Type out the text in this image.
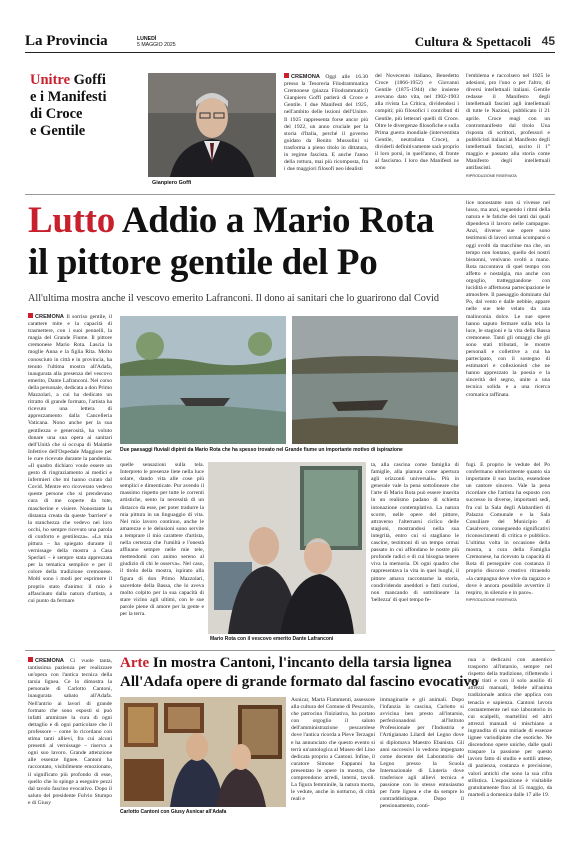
La Provincia	LUNEDÌ
5 MAGGIO 2025	Cultura & Spettacoli 45
Unitre Goffi
e i Manifesti
di Croce
e Gentile
Gianpiero Goffi
CREMONA Oggi alle 16.30 presso la Tesoreria Filodrammatica Cremonese (piazza Filodrammatici) Gianpiero Goffi parlerà di Croce e Gentile. I due Manifesti del 1925, nell'ambito delle lezioni dell'Unitre. Il 1925 rappresenta forse ancor più del 1922, un anno cruciale per la storia d'Italia, perché il governo guidato da Benito Mussolini si trasforma a pieno titolo in dittatura, in regime fascista. E anche l'anno della rottura, mai più ricomposta, fra i due maggiori filosofi neo idealisti
del Novecento italiano, Benedetto Croce (1866-1952) e Giovanni Gentile (1875-1944) che insieme avevano dato vita, nel 1902-1903 alla rivista La Critica, dividendosi i compiti; più filosofici i contributi di Gentile, più letterari quelli di Croce. Oltre le divergenze filosofiche e sulla Prima guerra mondiale (interventista Gentile, neutralista Croce), a dividerli definitivamente sarà proprio il loro porsi, in quell'anno, di fronte al fascismo. I loro due Manifesti ne sono
l'emblema e raccolsero nel 1925 le adesioni, pro l'uno o per l'altro, di diversi intellettuali italiani. Gentile redasse il Manifesto degli intellettuali fascisti agli intellettuali di tutte le Nazioni, pubblicato il 21 aprile. Croce reagì con un contromanifesto dal titolo Una risposta di scrittori, professori e pubblicisti italiani al Manifesto degli intellettuali fascisti, uscito il 1° maggio e passato alla storia come Manifesto degli intellettuali antifascisti.
RIPRODUZIONE RISERVATA
Lutto Addio a Mario Rota
il pittore gentile del Po
All'ultima mostra anche il vescovo emerito Lafranconi. Il dono ai sanitari che lo guarirono dal Covid
CREMONA Il sorriso gentile, il carattere mite e la capacità di trasmettere, con i suoi pennelli, la magia del Grande Fiume. Il pittore cremonese Mario Rota. Lascia la moglie Anna e la figlia Rita. Molto conosciuto in città e in provincia, ha tenuto l'ultima mostra all'Adafa, inaugurata alla presenza del vescovo emerito, Dante Lafranconi. Nel corso della personale, dedicata a don Primo Mazzolari, a cui ha dedicato un ritratto di grande formato, l'artista ha ricevuto una lettera di apprezzamento dalla Cancelleria Vaticana. Nono anche per la sua gentilezza e generosità, ha voluto donare una sua opera ai sanitari dell'Unità che si occupa di Malattie Infettive dell'Ospedale Maggiore per le cure ricevute durante la pandemia. «Il quadro dichiaro voule essere un gesto di ringraziamento ai medici e infermieri che mi hanno curato dal Covid. Mentre ero ricoverato vedevo queste persone che si prendevano cura di me coperte da tute, mascherine e visiere. Nonostante la distanza creata da queste 'barriere' e la stanchezza che vedevo nei loro occhi, ho sempre ricevuto una parola di conforto e gentilezza». «La mia pittura – ha spiegato durante il vernissage della mostra a Casa Sperlari – è sempre stata apprezzata per la tematica semplice e per il colore della tradizione cremonese. Molti sono i modi per esprimere il proprio stato d'animo: il mio è affascinato dalla natura d'artista, a cui punto da fermare
lice nonostante non si vivesse nel lusso, ma anzi, seguendo i ritmi della natura e le fatiche dei tanti dai quali dipendeva il lavoro nelle campagne. Anzi, diverse sue opere sono testimoni di lavori ormai scomparsi o oggi svolti da macchine ma che, un tempo non lontano, quello dei nostri bisnonni, venivano svolti a mano. Rota raccontava di quel tempo con affetto e nostalgia, ma anche con orgoglio, tratteggiandone con lucidità e affettuosa partecipazione le atmosfere. Il paesaggio dominato dal Po, dal vento e dalle nebbie, appare nelle sue tele velato da una malinconia dolce. Le sue opere hanno saputo fermare sulla tela la luce, le stagioni e la vita della Bassa cremonese. Tanti gli omaggi che gli sono stati tributati, le mostre personali e collettive a cui ha partecipato, con il sostegno di estimatori e collezionisti che ne hanno apprezzato la poesia e la sincerità del segno, unite a una tecnica solida e a una ricerca cromatica raffinata.
Due paesaggi fluviali dipinti da Mario Rota che ha spesso trovato nel Grande fiume un importante motivo di ispirazione
quelle sensazioni sulla tela. Interpreto le presenze liete nella luce solare, dando vita alle cose più semplici e dimenticate. Pur avendo il massimo rispetto per tutte le correnti artistiche, sento la necessità di un distacco da esse, per poter tradurre la mia pittura in un linguaggio di vita. Nel mio lavoro continuo, anche le amarezze e le delusioni sono servite a temprare il mio carattere d'artista, nella certezza che l'umiltà e l'onestà affinano sempre nelle mie tele, mettendomi con animo sereno al giudizio di chi le osserva». Nel caso, il titolo della mostra, ispirato alla figura di don Primo Mazzolari, sacerdote della Bassa, che lo aveva molto colpito per la sua capacità di stare vicino agli ultimi, con le sue parole piene di amore per la gente e per la terra.
Mario Rota con il vescovo emerito Dante Lafranconi
ta, alla cascina come famiglia di famiglie, alla pianura come apertura agli orizzonti universali». Più in generale vale la pena sottolineare che l'arte di Mario Rota può essere inserita in un realismo padano di schietta intonazione contemplativa. La natura scorre, nelle opere del pittore, attraverso l'alternarsi ciclico delle stagioni, mostrandosi nella sua integrità, entro cui si stagliano le cascine, testimoni di un tempo ormai passato in cui affondano le nostre più profonde radici e di cui bisogna tenere viva la memoria. Di ogni quadro che rappresentava la vita in quei luoghi, il pittore amava raccontarne la storia, condividendo aneddoti o fatti curiosi, non mancando di sottolineare la 'bellezza' di quel tempo fe-
fugi. E proprio le vedute del Po confermano ulteriormente quanto sia importante il suo lascito, essendone un cantore sincero. Vale la pena ricordare che l'artista ha esposto con successo in diverse, importanti sedi, fra cui la Sala degli Alabardieri di Palazzo Comunale e la Sala Consiliare del Municipio di Casalvero, conseguendo significativi riconoscimenti di critica e pubblico. L'ultima volta in occasione della mostra, a cura della Famiglia Cremonese, ha ricevuto la capacità di Rota di perseguire con costanza il proprio discorso creativo ritraendo «la campagna dove vive da ragazzo e dove è ancora possibile avvertire il respiro, in silenzio e in pace».
RIPRODUZIONE RISERVATA
CREMONA Ci vuole tanta, tantissima pazienza per realizzare un'opera con l'antica tecnica della tarsia lignea. Ce lo dimostra la personale di Carlotto Cantoni, inaugurata sabato all'Adafa. Nell'antrio ai lavori di grande formato che sono esposti si può infatti ammirare la cura di ogni dettaglio e di ogni particolare che il professore – come lo ricordano con stima tanti allievi, fra cui alcuni presenti al vernissage – riserva a ogni suo lavoro. Grande attenzione alle essenze lignee. Cantoni ha raccontato, visibilmente emozionato, il significato più profondo di esse, quello che lo spinge a eseguire pezzi dal tavolo fascino evocativo. Dopo il saluto del presidente Fulvio Stumpo e di Giusy
Arte In mostra Cantoni, l'incanto della tarsia lignea
All'Adafa opere di grande formato dal fascino evocativo
Carlotto Cantoni con Giusy Asnicar all'Adafa
Asnicar, Marta Flammenti, assessore alla cultura del Comune di Pescarolo, che patrocina l'iniziativa, ha portato con orgoglio il saluto dell'amministrazione pescarolese dove l'antica ricorda a Pieve Terzagni e ha annunciato che questo evento si terrà un'antologica al Museo del Lino dedicata proprio a Cantoni. Infine, il curatore Simone Fappanni ha presentato le opere in mostra, che comprendono arredi, interni, tavoli. La figura femminile, la natura morta, le vedute, anche in notturno, di città reali e
immaginarie e gli animali. Dopo l'infanzia in cascina, Carlotto si avvicina ben presto all'intarsio, perfezionandosi all'Istituto Professionale per l'Industria e l'Artigianato Lilardi del Legno dove si diplomava Maestro Ebanista. Gli anni successivi lo vedono impegnato come docente del Laboratorio del Legno presso la Scuola Internazionale di Liuteria dove trasferisce agli allievi tecnica e passione con lo stesso entusiasmo per l'arte lignea e che da sempre lo contraddistingue. Dopo il pensionamento, conti-
nua a dedicarsi con autentico trasporto all'intarsio, sempre nel rispetto della tradizione, riflettendo i legni tinti e con il solo ausilio di attrezzi manuali, fedele all'anima tradizionale antica che applica con tenacia e sapienza. Cantoni lavora costantemente nel suo laboratorio in cui scalpelli, martellini ed altri attrezzi manuali si mischiano a ingrandita di una miriade di essenze lignee variodipinte che esotiche. Ne discendono opere uniche, dalle quali traspare la passione per questo lavoro fatto di studio e sottili attese, di pazienza, costanza e precisione, valori antichi che sono la sua cifra stilistica. L'esposizione è visitabile gratuitamente fino al 15 maggio, da martedì a domenica dalle 17 alle 19.
